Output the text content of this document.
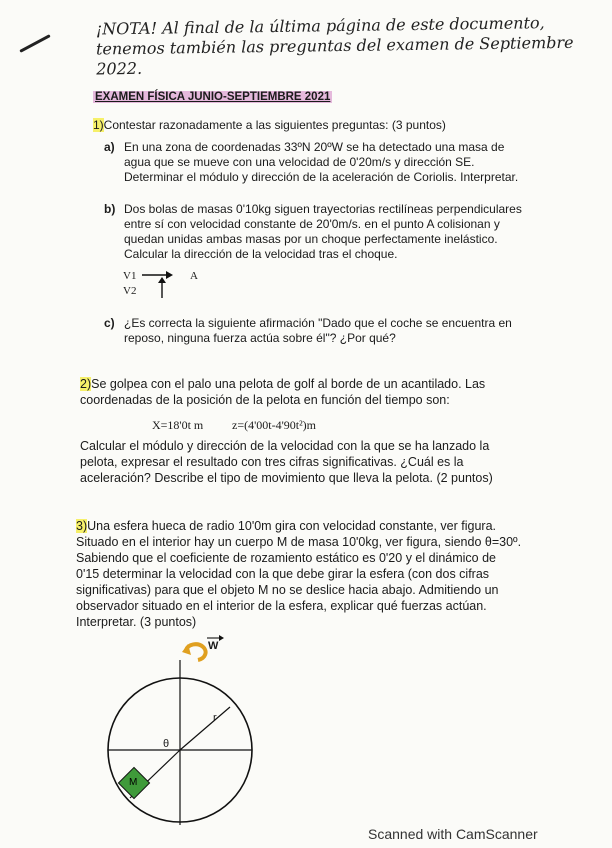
¡NOTA! Al final de la última página de este documento, tenemos también las preguntas del examen de Septiembre 2022.
EXAMEN FÍSICA JUNIO-SEPTIEMBRE 2021
1)Contestar razonadamente a las siguientes preguntas: (3 puntos)
a) En una zona de coordenadas 33ºN 20ºW se ha detectado una masa de agua que se mueve con una velocidad de 0'20m/s y dirección SE. Determinar el módulo y dirección de la aceleración de Coriolis. Interpretar.
b) Dos bolas de masas 0'10kg siguen trayectorias rectilíneas perpendiculares entre sí con velocidad constante de 20'0m/s. en el punto A colisionan y quedan unidas ambas masas por un choque perfectamente inelástico. Calcular la dirección de la velocidad tras el choque.
V1
V2
A
c) ¿Es correcta la siguiente afirmación "Dado que el coche se encuentra en reposo, ninguna fuerza actúa sobre él"? ¿Por qué?
2)Se golpea con el palo una pelota de golf al borde de un acantilado. Las coordenadas de la posición de la pelota en función del tiempo son:
X=18'0t m z=(4'00t-4'90t²)m
Calcular el módulo y dirección de la velocidad con la que se ha lanzado la pelota, expresar el resultado con tres cifras significativas. ¿Cuál es la aceleración? Describe el tipo de movimiento que lleva la pelota. (2 puntos)
3)Una esfera hueca de radio 10'0m gira con velocidad constante, ver figura. Situado en el interior hay un cuerpo M de masa 10'0kg, ver figura, siendo θ=30º. Sabiendo que el coeficiente de rozamiento estático es 0'20 y el dinámico de 0'15 determinar la velocidad con la que debe girar la esfera (con dos cifras significativas) para que el objeto M no se deslice hacia abajo. Admitiendo un observador situado en el interior de la esfera, explicar qué fuerzas actúan. Interpretar. (3 puntos)
W
r
θ
M
Scanned with CamScanner
